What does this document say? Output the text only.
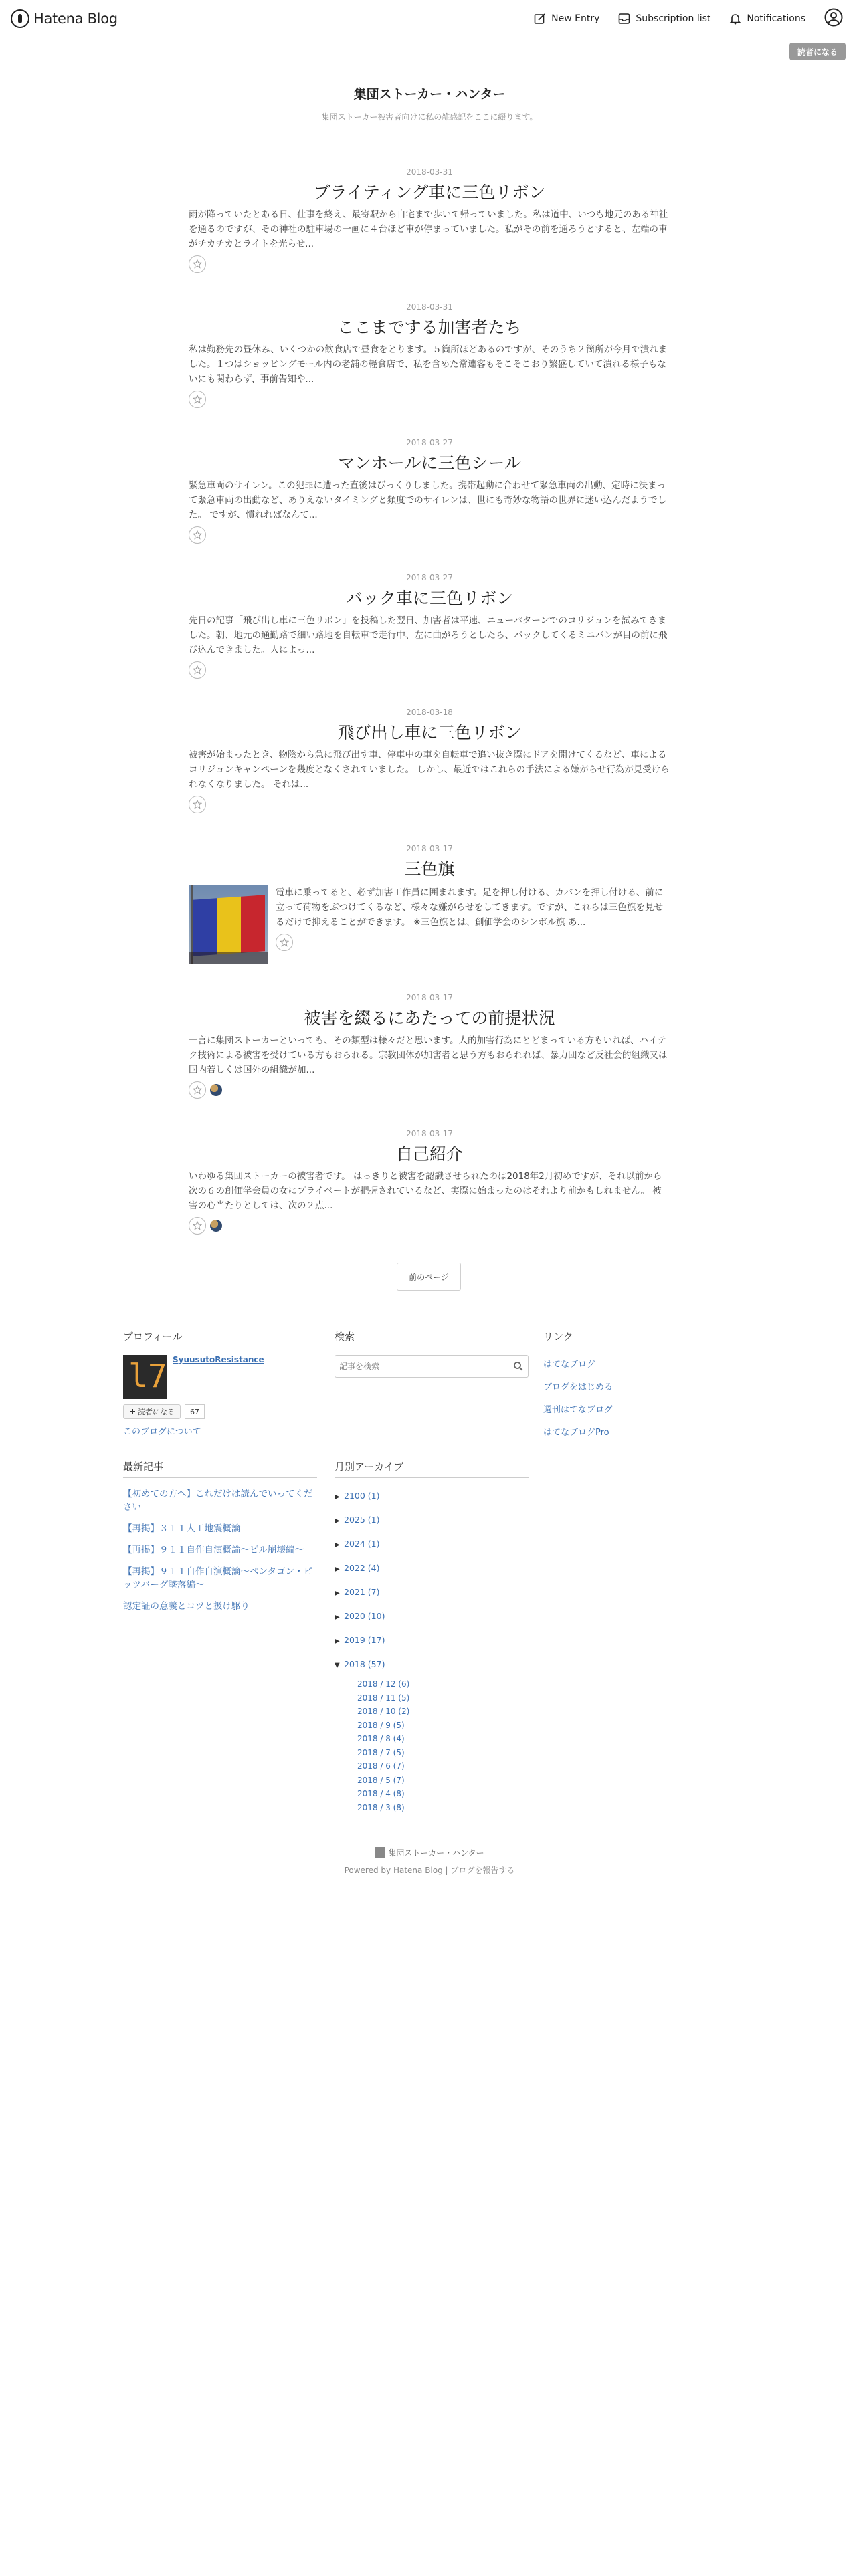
Hatena Blog	New Entry	Subscription list	Notifications
読者になる
集団ストーカー・ハンター
集団ストーカー被害者向けに私の雑感記をここに綴ります。
2018-03-31
ブライティング車に三色リボン
雨が降っていたとある日、仕事を終え、最寄駅から自宅まで歩いて帰っていました。私は道中、いつも地元のある神社を通るのですが、その神社の駐車場の一画に４台ほど車が停まっていました。私がその前を通ろうとすると、左端の車がチカチカとライトを光らせ...
2018-03-31
ここまでする加害者たち
私は勤務先の昼休み、いくつかの飲食店で昼食をとります。５箇所ほどあるのですが、そのうち２箇所が今月で潰れました。１つはショッピングモール内の老舗の軽食店で、私を含めた常連客もそこそこおり繁盛していて潰れる様子もないにも関わらず、事前告知や...
2018-03-27
マンホールに三色シール
緊急車両のサイレン。この犯罪に遭った直後はびっくりしました。携帯起動に合わせて緊急車両の出動、定時に決まって緊急車両の出動など、ありえないタイミングと頻度でのサイレンは、世にも奇妙な物語の世界に迷い込んだようでした。 ですが、慣れればなんて...
2018-03-27
バック車に三色リボン
先日の記事「飛び出し車に三色リボン」を投稿した翌日、加害者は平速、ニューパターンでのコリジョンを試みてきました。朝、地元の通勤路で細い路地を自転車で走行中、左に曲がろうとしたら、バックしてくるミニバンが目の前に飛び込んできました。人によっ...
2018-03-18
飛び出し車に三色リボン
被害が始まったとき、物陰から急に飛び出す車、停車中の車を自転車で追い抜き際にドアを開けてくるなど、車によるコリジョンキャンペーンを幾度となくされていました。 しかし、最近ではこれらの手法による嫌がらせ行為が見受けられなくなりました。 それは...
2018-03-17
三色旗
電車に乗ってると、必ず加害工作員に囲まれます。足を押し付ける、カバンを押し付ける、前に立って荷物をぶつけてくるなど、様々な嫌がらせをしてきます。ですが、これらは三色旗を見せるだけで抑えることができます。 ※三色旗とは、創価学会のシンボル旗 あ...
2018-03-17
被害を綴るにあたっての前提状況
一言に集団ストーカーといっても、その類型は様々だと思います。人的加害行為にとどまっている方もいれば、ハイテク技術による被害を受けている方もおられる。宗教団体が加害者と思う方もおられれば、暴力団など反社会的組織又は国内若しくは国外の組織が加...
2018-03-17
自己紹介
いわゆる集団ストーカーの被害者です。 はっきりと被害を認識させられたのは2018年2月初めですが、それ以前から次の６の創価学会員の女にプライベートが把握されているなど、実際に始まったのはそれより前かもしれません。 被害の心当たりとしては、次の２点...
前のページ
プロフィール
l7 SyuusutoResistance
読者になる	67
このブログについて
検索
記事を検索	リンク
はてなブログ
ブログをはじめる
週刊はてなブログ
はてなブログPro
最新記事
【初めての方へ】これだけは読んでいってください
【再掲】３１１人工地震概論
【再掲】９１１自作自演概論〜ビル崩壊編〜
【再掲】９１１自作自演概論〜ペンタゴン・ピッツバーグ墜落編〜
認定証の意義とコツと扱け駆り
月別アーカイブ
▶ 2100 (1)
▶ 2025 (1)
▶ 2024 (1)
▶ 2022 (4)
▶ 2021 (7)
▶ 2020 (10)
▶ 2019 (17)
▼ 2018 (57)
2018 / 12 (6)
2018 / 11 (5)
2018 / 10 (2)
2018 / 9 (5)
2018 / 8 (4)
2018 / 7 (5)
2018 / 6 (7)
2018 / 5 (7)
2018 / 4 (8)
2018 / 3 (8)
集団ストーカー・ハンター
Powered by Hatena Blog | ブログを報告する
